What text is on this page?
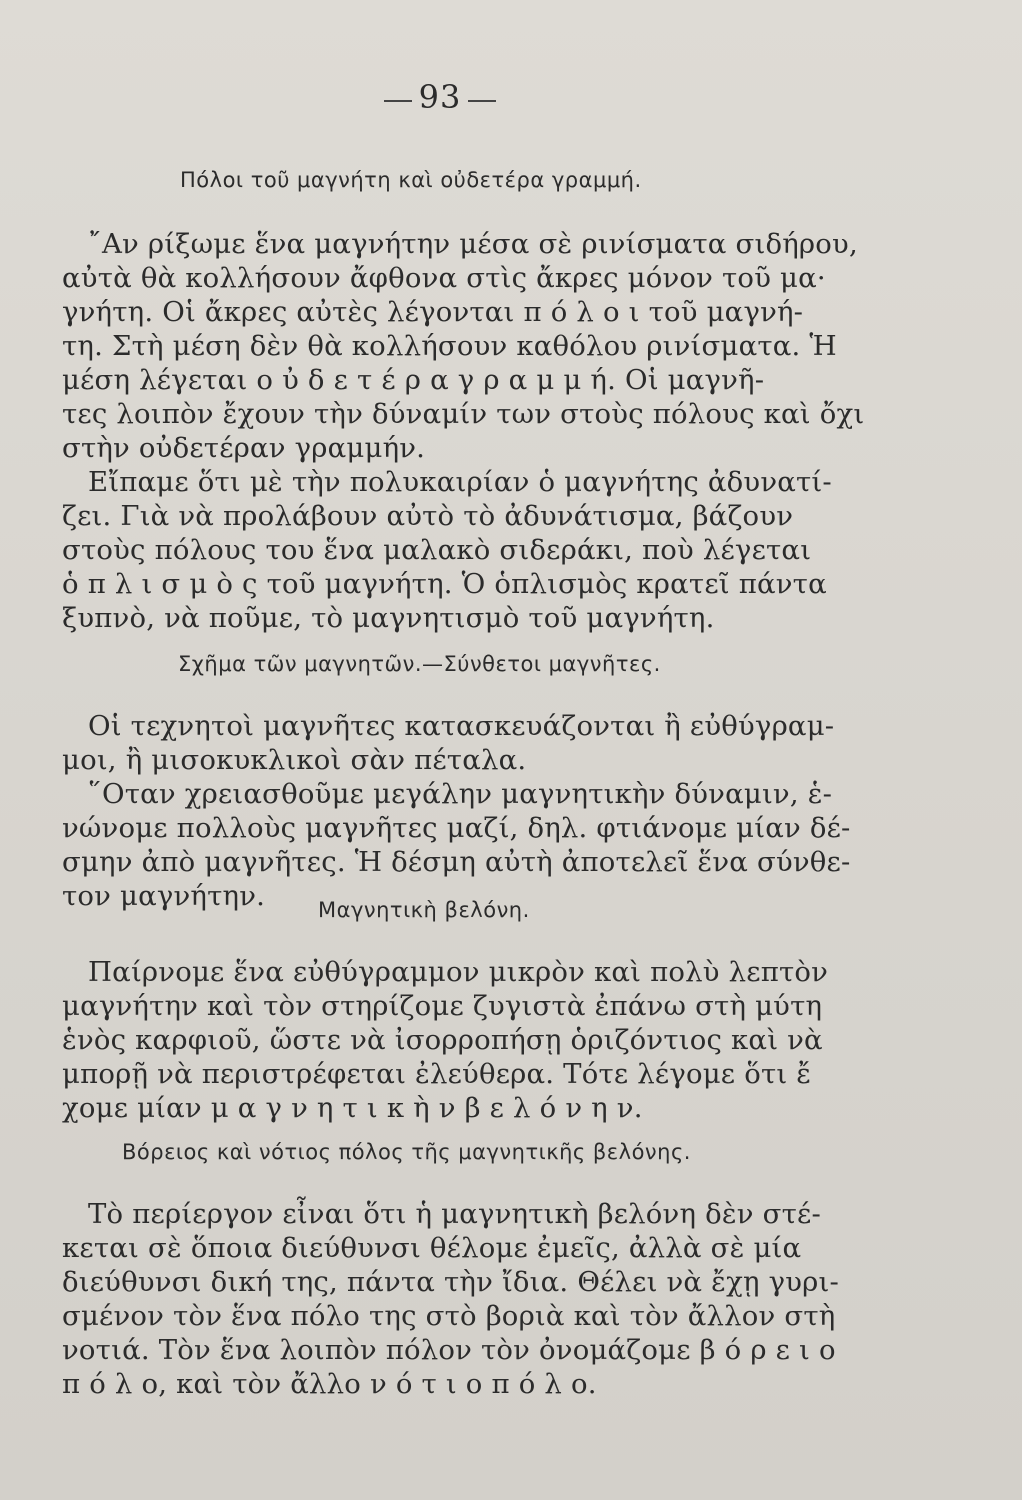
93
Πόλοι τοῦ μαγνήτη καὶ οὐδετέρα γραμμή.
῎Αν ρίξωμε ἕνα μαγνήτην μέσα σὲ ρινίσματα σιδήρου,
αὐτὰ θὰ κολλήσουν ἄφθονα στὶς ἄκρες μόνον τοῦ μα·
γνήτη. Οἱ ἄκρες αὐτὲς λέγονται π ό λ ο ι τοῦ μαγνή-
τη. Στὴ μέση δὲν θὰ κολλήσουν καθόλου ρινίσματα. Ἡ
μέση λέγεται ο ὐ δ ε τ έ ρ α γ ρ α μ μ ή. Οἱ μαγνῆ-
τες λοιπὸν ἔχουν τὴν δύναμίν των στοὺς πόλους καὶ ὄχι
στὴν οὐδετέραν γραμμήν.
Εἴπαμε ὅτι μὲ τὴν πολυκαιρίαν ὁ μαγνήτης ἀδυνατί-
ζει. Γιὰ νὰ προλάβουν αὐτὸ τὸ ἀδυνάτισμα, βάζουν
στοὺς πόλους του ἕνα μαλακὸ σιδεράκι, ποὺ λέγεται
ὁ π λ ι σ μ ὸ ς τοῦ μαγνήτη. Ὁ ὁπλισμὸς κρατεῖ πάντα
ξυπνὸ, νὰ ποῦμε, τὸ μαγνητισμὸ τοῦ μαγνήτη.
Σχῆμα τῶν μαγνητῶν.—Σύνθετοι μαγνῆτες.
Οἱ τεχνητοὶ μαγνῆτες κατασκευάζονται ἢ εὐθύγραμ-
μοι, ἢ μισοκυκλικοὶ σὰν πέταλα.
῞Οταν χρειασθοῦμε μεγάλην μαγνητικὴν δύναμιν, ἑ-
νώνομε πολλοὺς μαγνῆτες μαζί, δηλ. φτιάνομε μίαν δέ-
σμην ἀπὸ μαγνῆτες. Ἡ δέσμη αὐτὴ ἀποτελεῖ ἕνα σύνθε-
τον μαγνήτην.	Μαγνητικὴ βελόνη.
Παίρνομε ἕνα εὐθύγραμμον μικρὸν καὶ πολὺ λεπτὸν
μαγνήτην καὶ τὸν στηρίζομε ζυγιστὰ ἐπάνω στὴ μύτη
ἑνὸς καρφιοῦ, ὥστε νὰ ἰσορροπήσῃ ὁριζόντιος καὶ νὰ
μπορῇ νὰ περιστρέφεται ἐλεύθερα. Τότε λέγομε ὅτι ἔ
χομε μίαν μ α γ ν η τ ι κ ὴ ν β ε λ ό ν η ν.
Βόρειος καὶ νότιος πόλος τῆς μαγνητικῆς βελόνης.
Τὸ περίεργον εἶναι ὅτι ἡ μαγνητικὴ βελόνη δὲν στέ-
κεται σὲ ὅποια διεύθυνσι θέλομε ἐμεῖς, ἀλλὰ σὲ μία
διεύθυνσι δική της, πάντα τὴν ἴδια. Θέλει νὰ ἔχῃ γυρι-
σμένον τὸν ἕνα πόλο της στὸ βοριὰ καὶ τὸν ἄλλον στὴ
νοτιά. Τὸν ἕνα λοιπὸν πόλον τὸν ὀνομάζομε β ό ρ ε ι ο
π ό λ ο, καὶ τὸν ἄλλο ν ό τ ι ο π ό λ ο.
